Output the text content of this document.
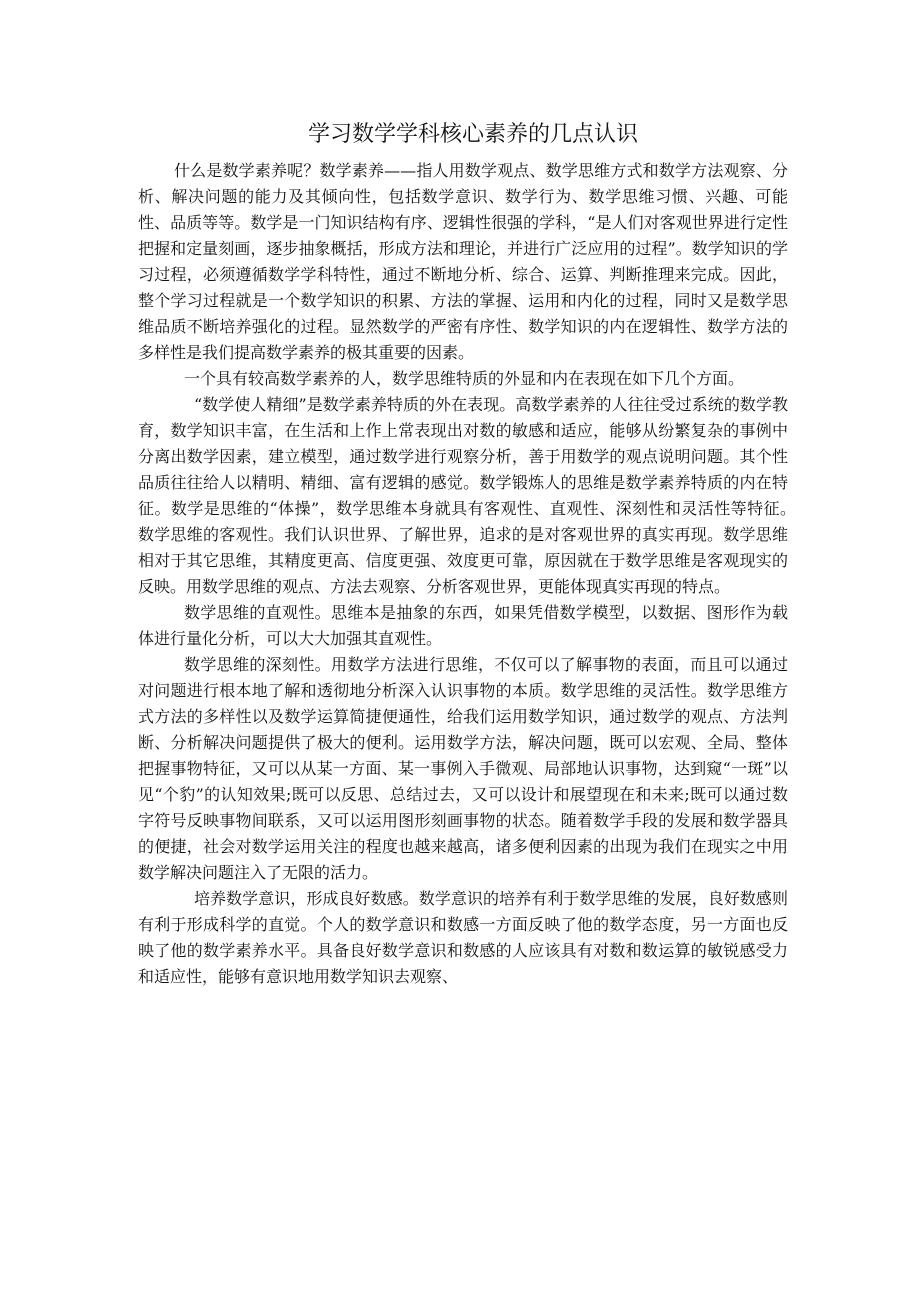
学习数学学科核心素养的几点认识

什么是数学素养呢？数学素养——指人用数学观点、数学思维方式和数学方法观察、分析、解决问题的能力及其倾向性，包括数学意识、数学行为、数学思维习惯、兴趣、可能性、品质等等。数学是一门知识结构有序、逻辑性很强的学科，“是人们对客观世界进行定性把握和定量刻画，逐步抽象概括，形成方法和理论，并进行广泛应用的过程”。数学知识的学习过程，必须遵循数学学科特性，通过不断地分析、综合、运算、判断推理来完成。因此，整个学习过程就是一个数学知识的积累、方法的掌握、运用和内化的过程，同时又是数学思维品质不断培养强化的过程。显然数学的严密有序性、数学知识的内在逻辑性、数学方法的多样性是我们提高数学素养的极其重要的因素。

一个具有较高数学素养的人，数学思维特质的外显和内在表现在如下几个方面。

“数学使人精细”是数学素养特质的外在表现。高数学素养的人往往受过系统的数学教育，数学知识丰富，在生活和上作上常表现出对数的敏感和适应，能够从纷繁复杂的事例中分离出数学因素，建立模型，通过数学进行观察分析，善于用数学的观点说明问题。其个性品质往往给人以精明、精细、富有逻辑的感觉。数学锻炼人的思维是数学素养特质的内在特征。数学是思维的“体操”，数学思维本身就具有客观性、直观性、深刻性和灵活性等特征。　　数学思维的客观性。我们认识世界、了解世界，追求的是对客观世界的真实再现。数学思维相对于其它思维，其精度更高、信度更强、效度更可靠，原因就在于数学思维是客观现实的反映。用数学思维的观点、方法去观察、分析客观世界，更能体现真实再现的特点。

数学思维的直观性。思维本是抽象的东西，如果凭借数学模型，以数据、图形作为载体进行量化分析，可以大大加强其直观性。

数学思维的深刻性。用数学方法进行思维，不仅可以了解事物的表面，而且可以通过对问题进行根本地了解和透彻地分析深入认识事物的本质。数学思维的灵活性。数学思维方式方法的多样性以及数学运算简捷便通性，给我们运用数学知识，通过数学的观点、方法判断、分析解决问题提供了极大的便利。运用数学方法，解决问题，既可以宏观、全局、整体把握事物特征，又可以从某一方面、某一事例入手微观、局部地认识事物，达到窥“一斑”以见“个豹”的认知效果;既可以反思、总结过去，又可以设计和展望现在和未来;既可以通过数字符号反映事物间联系，又可以运用图形刻画事物的状态。随着数学手段的发展和数学器具的便捷，社会对数学运用关注的程度也越来越高，诸多便利因素的出现为我们在现实之中用数学解决问题注入了无限的活力。

培养数学意识，形成良好数感。数学意识的培养有利于数学思维的发展，良好数感则有利于形成科学的直觉。个人的数学意识和数感一方面反映了他的数学态度，另一方面也反映了他的数学素养水平。具备良好数学意识和数感的人应该具有对数和数运算的敏锐感受力和适应性，能够有意识地用数学知识去观察、
